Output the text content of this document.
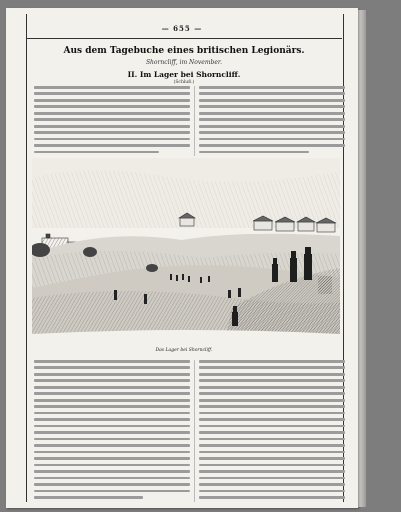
— 655 —
Aus dem Tagebuche eines britischen Legionärs.
Shorncliff, im November.
II. Im Lager bei Shorncliff.
(Schluß.)
Das Lager bei Shorncliff.
